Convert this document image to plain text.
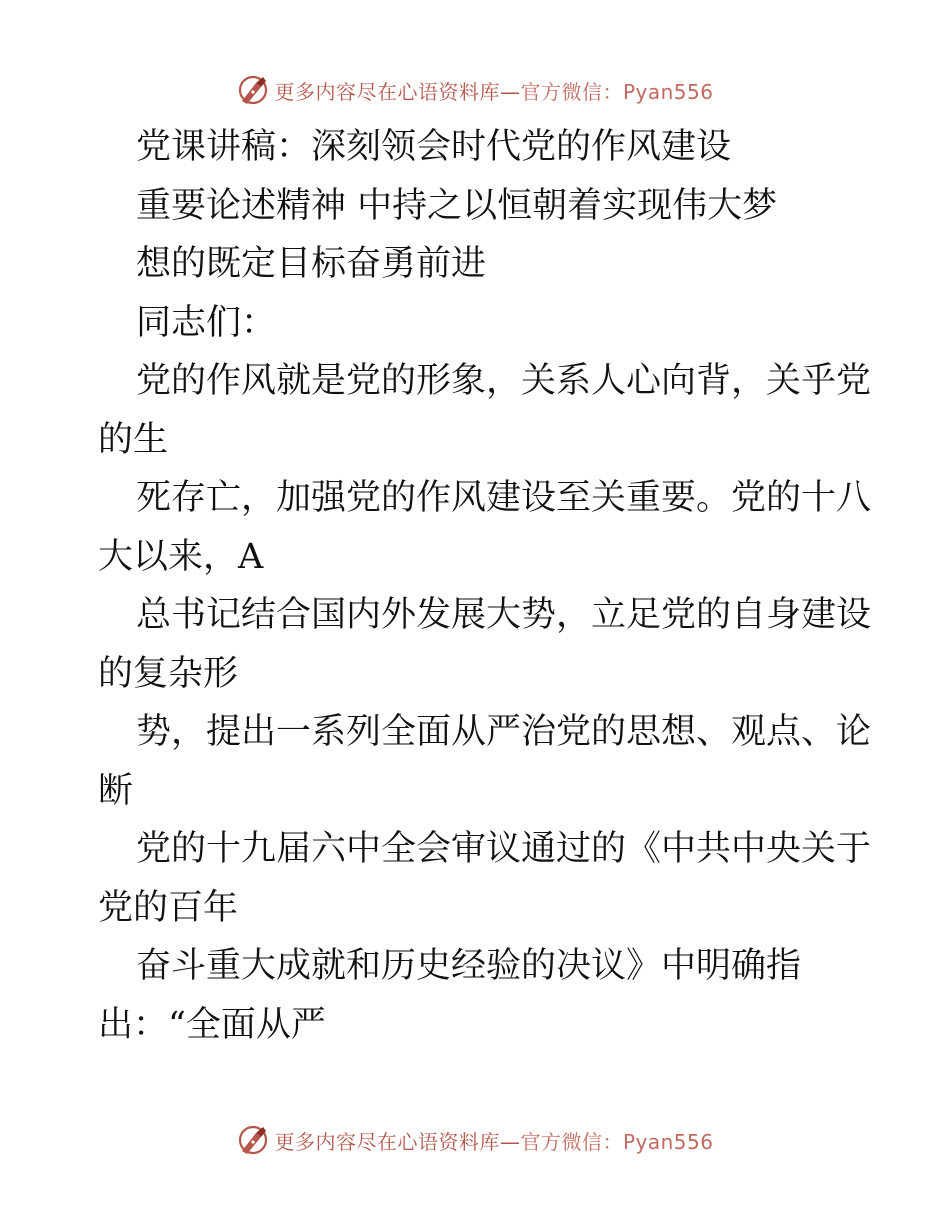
更多内容尽在心语资料库—官方微信：Pyan556
党课讲稿：深刻领会时代党的作风建设
重要论述精神 中持之以恒朝着实现伟大梦
想的既定目标奋勇前进
同志们：
党的作风就是党的形象，关系人心向背，关乎党
的生
死存亡，加强党的作风建设至关重要。党的十八
大以来，A
总书记结合国内外发展大势，立足党的自身建设
的复杂形
势，提出一系列全面从严治党的思想、观点、论
断
党的十九届六中全会审议通过的《中共中央关于
党的百年
奋斗重大成就和历史经验的决议》中明确指
出：“全面从严
更多内容尽在心语资料库—官方微信：Pyan556
